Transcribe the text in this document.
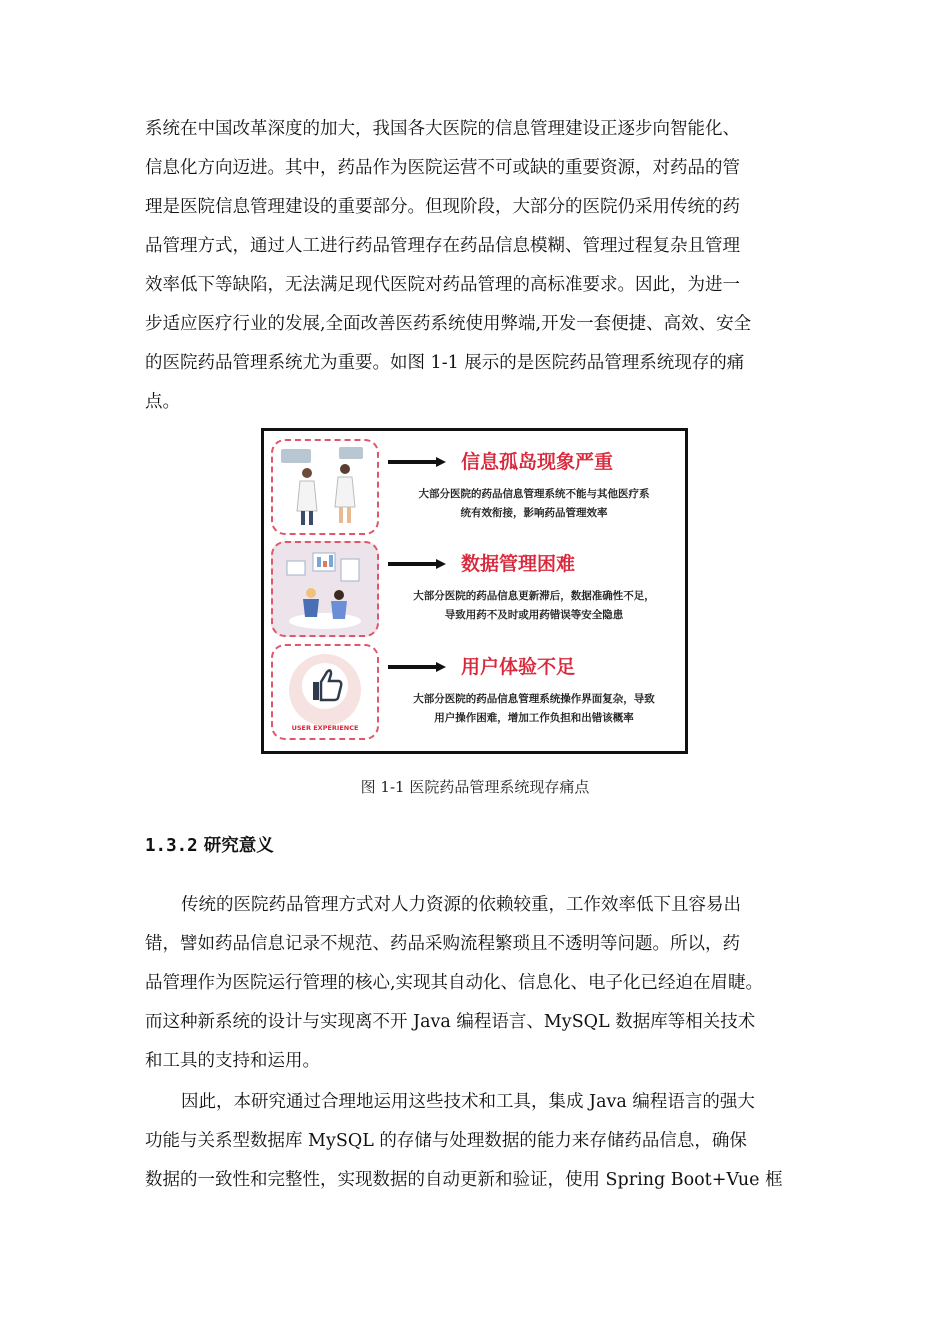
系统在中国改革深度的加大，我国各大医院的信息管理建设正逐步向智能化、
信息化方向迈进。其中，药品作为医院运营不可或缺的重要资源，对药品的管
理是医院信息管理建设的重要部分。但现阶段，大部分的医院仍采用传统的药
品管理方式，通过人工进行药品管理存在药品信息模糊、管理过程复杂且管理
效率低下等缺陷，无法满足现代医院对药品管理的高标准要求。因此，为进一
步适应医疗行业的发展,全面改善医药系统使用弊端,开发一套便捷、高效、安全
的医院药品管理系统尤为重要。如图 1-1 展示的是医院药品管理系统现存的痛
点。

信息孤岛现象严重
大部分医院的药品信息管理系统不能与其他医疗系
统有效衔接，影响药品管理效率
数据管理困难
大部分医院的药品信息更新滞后，数据准确性不足，
导致用药不及时或用药错误等安全隐患
USER EXPERIENCE
用户体验不足
大部分医院的药品信息管理系统操作界面复杂，导致
用户操作困难，增加工作负担和出错该概率

图 1-1 医院药品管理系统现存痛点

1.3.2 研究意义

传统的医院药品管理方式对人力资源的依赖较重，工作效率低下且容易出
错，譬如药品信息记录不规范、药品采购流程繁琐且不透明等问题。所以，药
品管理作为医院运行管理的核心,实现其自动化、信息化、电子化已经迫在眉睫。
而这种新系统的设计与实现离不开 Java 编程语言、MySQL 数据库等相关技术
和工具的支持和运用。

因此，本研究通过合理地运用这些技术和工具，集成 Java 编程语言的强大
功能与关系型数据库 MySQL 的存储与处理数据的能力来存储药品信息，确保
数据的一致性和完整性，实现数据的自动更新和验证，使用 Spring Boot+Vue 框
